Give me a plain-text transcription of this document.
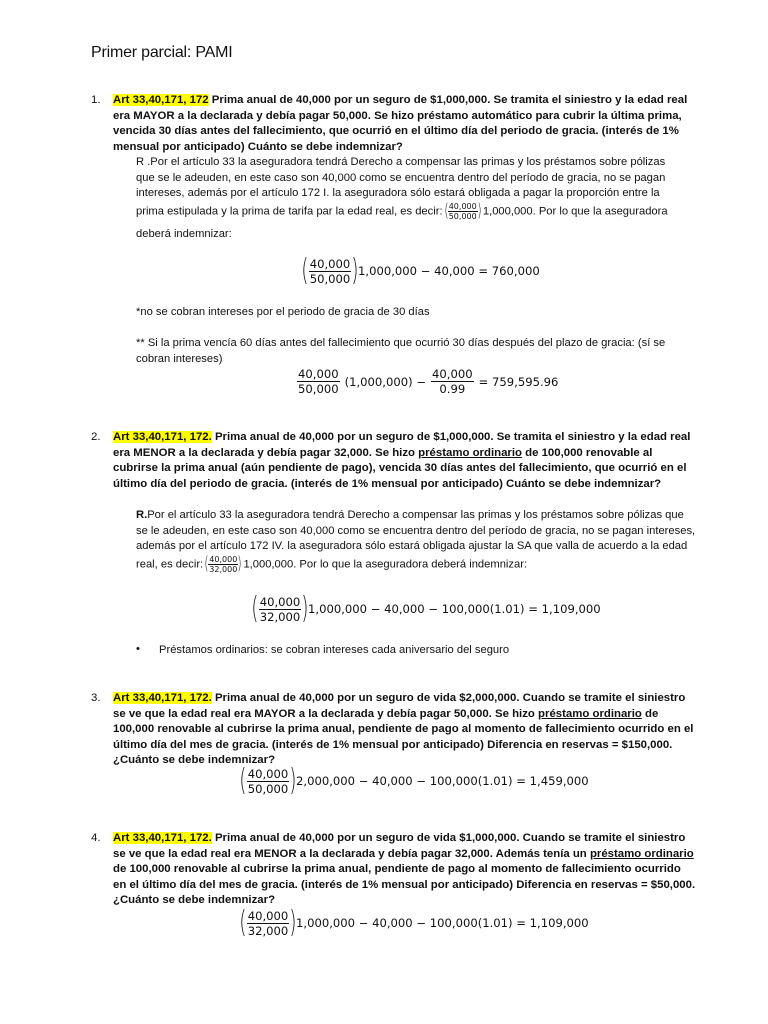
Primer parcial: PAMI
1. Art 33,40,171, 172 Prima anual de 40,000 por un seguro de $1,000,000. Se tramita el siniestro y la edad real era MAYOR a la declarada y debía pagar 50,000. Se hizo préstamo automático para cubrir la última prima, vencida 30 días antes del fallecimiento, que ocurrió en el último día del periodo de gracia. (interés de 1% mensual por anticipado) Cuánto se debe indemnizar?
R .Por el artículo 33 la aseguradora tendrá Derecho a compensar las primas y los préstamos sobre pólizas que se le adeuden, en este caso son 40,000 como se encuentra dentro del período de gracia, no se pagan intereses, además por el artículo 172 I. la aseguradora sólo estará obligada a pagar la proporción entre la prima estipulada y la prima de tarifa par la edad real, es decir: ( $\frac{40,000}{50,000}$ ) 1,000,000. Por lo que la aseguradora
deberá indemnizar:
( $\frac{40,000}{50,000}$ ) 1,000,000 − 40,000 = 760,000
*no se cobran intereses por el periodo de gracia de 30 días
** Si la prima vencía 60 días antes del fallecimiento que ocurrió 30 días después del plazo de gracia: (sí se cobran intereses)
$\frac{40,000}{50,000} (1,000,000) - \frac{40,000}{0.99} = 759,595.96$
2. Art 33,40,171, 172. Prima anual de 40,000 por un seguro de $1,000,000. Se tramita el siniestro y la edad real era MENOR a la declarada y debía pagar 32,000. Se hizo préstamo ordinario de 100,000 renovable al cubrirse la prima anual (aún pendiente de pago), vencida 30 días antes del fallecimiento, que ocurrió en el último día del periodo de gracia. (interés de 1% mensual por anticipado) Cuánto se debe indemnizar?
R.Por el artículo 33 la aseguradora tendrá Derecho a compensar las primas y los préstamos sobre pólizas que se le adeuden, en este caso son 40,000 como se encuentra dentro del período de gracia, no se pagan intereses, además por el artículo 172 IV. la aseguradora sólo estará obligada ajustar la SA que valla de acuerdo a la edad real, es decir: ( $\frac{40,000}{32,000}$ ) 1,000,000. Por lo que la aseguradora deberá indemnizar:
( $\frac{40,000}{32,000}$ ) 1,000,000 − 40,000 − 100,000(1.01) = 1,109,000
• Préstamos ordinarios: se cobran intereses cada aniversario del seguro
3. Art 33,40,171, 172. Prima anual de 40,000 por un seguro de vida $2,000,000. Cuando se tramite el siniestro se ve que la edad real era MAYOR a la declarada y debía pagar 50,000. Se hizo préstamo ordinario de 100,000 renovable al cubrirse la prima anual, pendiente de pago al momento de fallecimiento ocurrido en el último día del mes de gracia. (interés de 1% mensual por anticipado) Diferencia en reservas = $150,000. ¿Cuánto se debe indemnizar?
( $\frac{40,000}{50,000}$ ) 2,000,000 − 40,000 − 100,000(1.01) = 1,459,000
4. Art 33,40,171, 172. Prima anual de 40,000 por un seguro de vida $1,000,000. Cuando se tramite el siniestro se ve que la edad real era MENOR a la declarada y debía pagar 32,000. Además tenía un préstamo ordinario de 100,000 renovable al cubrirse la prima anual, pendiente de pago al momento de fallecimiento ocurrido en el último día del mes de gracia. (interés de 1% mensual por anticipado) Diferencia en reservas = $50,000. ¿Cuánto se debe indemnizar?
( $\frac{40,000}{32,000}$ ) 1,000,000 − 40,000 − 100,000(1.01) = 1,109,000
